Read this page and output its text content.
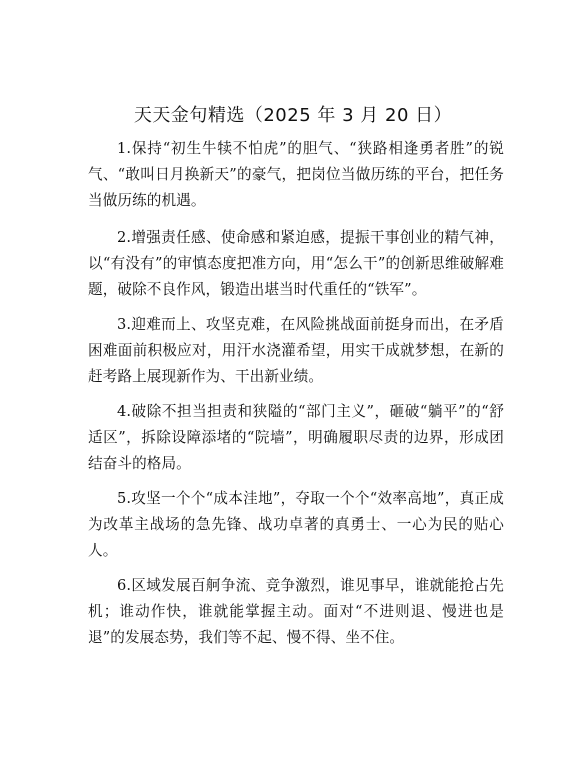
天天金句精选（2025 年 3 月 20 日）

1.保持“初生牛犊不怕虎”的胆气、“狭路相逢勇者胜”的锐气、“敢叫日月换新天”的豪气，把岗位当做历练的平台，把任务当做历练的机遇。

2.增强责任感、使命感和紧迫感，提振干事创业的精气神，以“有没有”的审慎态度把准方向，用“怎么干”的创新思维破解难题，破除不良作风，锻造出堪当时代重任的“铁军”。

3.迎难而上、攻坚克难，在风险挑战面前挺身而出，在矛盾困难面前积极应对，用汗水浇灌希望，用实干成就梦想，在新的赶考路上展现新作为、干出新业绩。

4.破除不担当担责和狭隘的“部门主义”，砸破“躺平”的“舒适区”，拆除设障添堵的“院墙”，明确履职尽责的边界，形成团结奋斗的格局。

5.攻坚一个个“成本洼地”，夺取一个个“效率高地”，真正成为改革主战场的急先锋、战功卓著的真勇士、一心为民的贴心人。

6.区域发展百舸争流、竞争激烈，谁见事早，谁就能抢占先机；谁动作快，谁就能掌握主动。面对“不进则退、慢进也是退”的发展态势，我们等不起、慢不得、坐不住。
